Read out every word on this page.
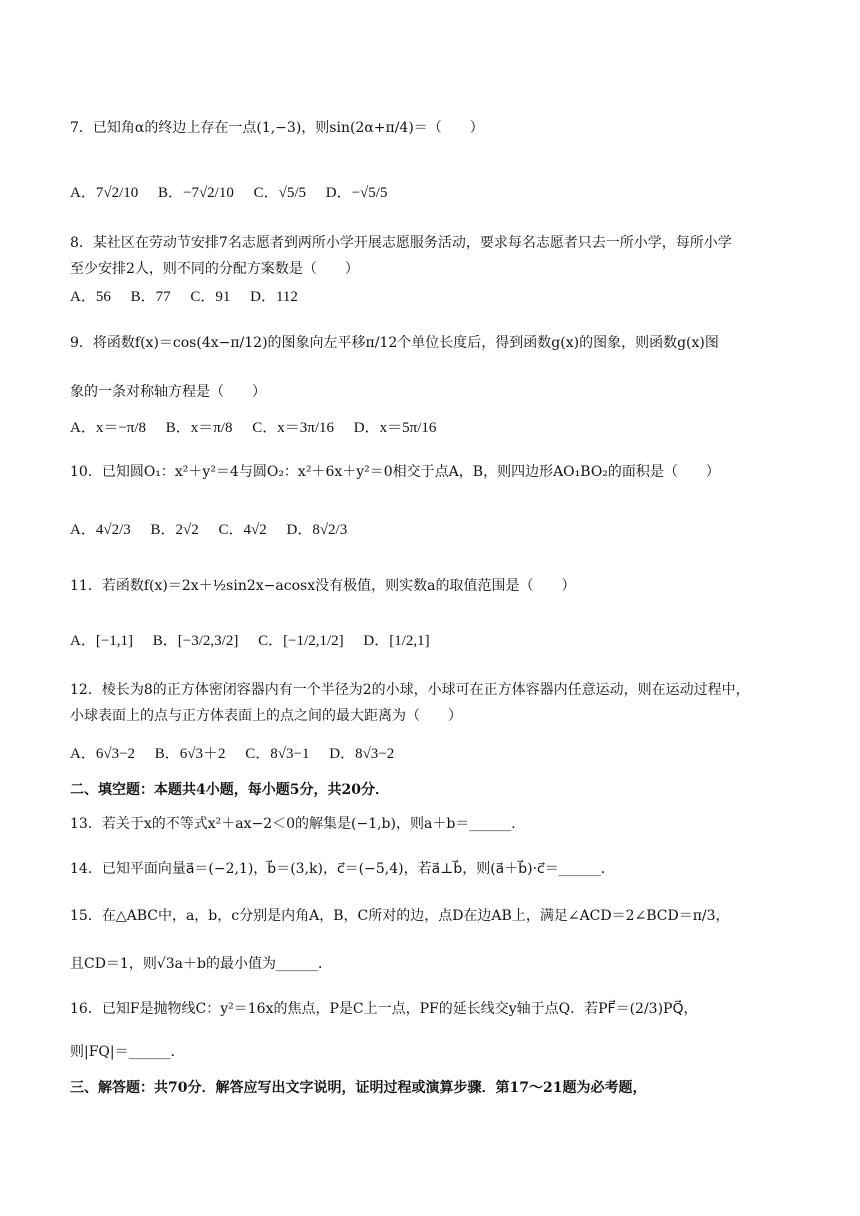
7．已知角α的终边上存在一点(1,−3)，则sin(2α+π/4)＝（　　）
A．7√2/10 B．−7√2/10 C．√5/5 D．−√5/5
8．某社区在劳动节安排7名志愿者到两所小学开展志愿服务活动，要求每名志愿者只去一所小学，每所小学
至少安排2人，则不同的分配方案数是（　　）
A．56 B．77 C．91 D．112
9．将函数f(x)＝cos(4x−π/12)的图象向左平移π/12个单位长度后，得到函数g(x)的图象，则函数g(x)图
象的一条对称轴方程是（　　）
A．x＝−π/8 B．x＝π/8 C．x＝3π/16 D．x＝5π/16
10．已知圆O₁：x²＋y²＝4与圆O₂：x²＋6x＋y²＝0相交于点A，B，则四边形AO₁BO₂的面积是（　　）
A．4√2/3 B．2√2 C．4√2 D．8√2/3
11．若函数f(x)＝2x＋½sin2x−acosx没有极值，则实数a的取值范围是（　　）
A．[−1,1] B．[−3/2,3/2] C．[−1/2,1/2] D．[1/2,1]
12．棱长为8的正方体密闭容器内有一个半径为2的小球，小球可在正方体容器内任意运动，则在运动过程中，
小球表面上的点与正方体表面上的点之间的最大距离为（　　）
A．6√3−2 B．6√3＋2 C．8√3−1 D．8√3−2
二、填空题：本题共4小题，每小题5分，共20分．
13．若关于x的不等式x²＋ax−2＜0的解集是(−1,b)，则a＋b＝______．
14．已知平面向量a⃗＝(−2,1)，b⃗＝(3,k)，c⃗＝(−5,4)，若a⃗⊥b⃗，则(a⃗＋b⃗)·c⃗＝______．
15．在△ABC中，a，b，c分别是内角A，B，C所对的边，点D在边AB上，满足∠ACD＝2∠BCD＝π/3，
且CD＝1，则√3a＋b的最小值为______．
16．已知F是抛物线C：y²＝16x的焦点，P是C上一点，PF的延长线交y轴于点Q．若PF⃗＝(2/3)PQ⃗，
则|FQ|＝______．
三、解答题：共70分．解答应写出文字说明，证明过程或演算步骤．第17～21题为必考题，
